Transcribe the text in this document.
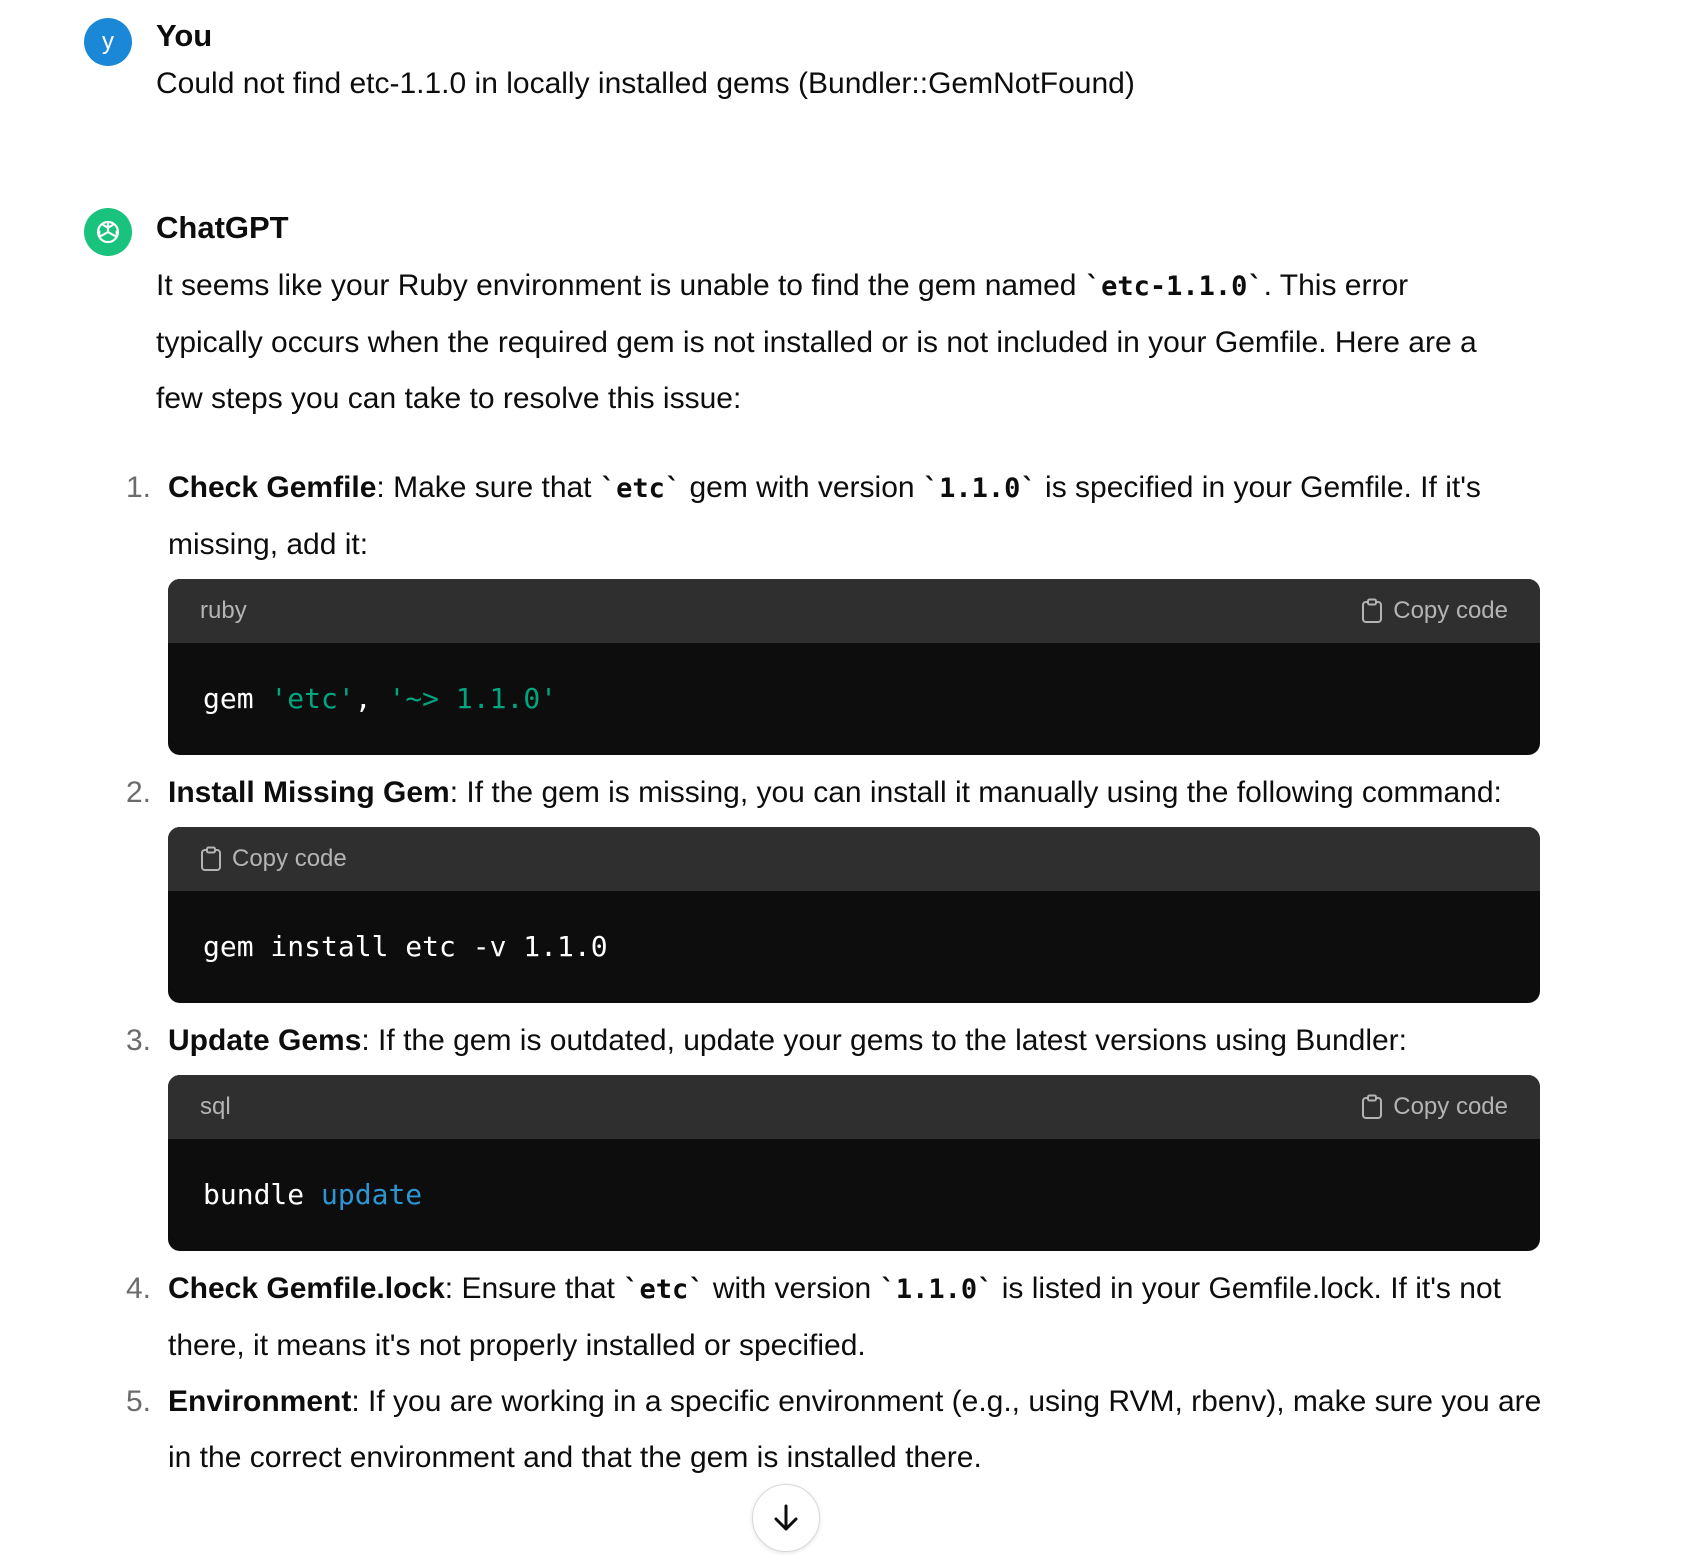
y You
Could not find etc-1.1.0 in locally installed gems (Bundler::GemNotFound)
ChatGPT
It seems like your Ruby environment is unable to find the gem named `etc-1.1.0`. This error typically occurs when the required gem is not installed or is not included in your Gemfile. Here are a few steps you can take to resolve this issue:
1. Check Gemfile: Make sure that `etc` gem with version `1.1.0` is specified in your Gemfile. If it's missing, add it:
ruby	Copy code
gem 'etc' , '~> 1.1.0'
2. Install Missing Gem: If the gem is missing, you can install it manually using the following command:
Copy code
gem install etc -v 1.1.0
3. Update Gems: If the gem is outdated, update your gems to the latest versions using Bundler:
sql	Copy code
bundle update
4. Check Gemfile.lock: Ensure that `etc` with version `1.1.0` is listed in your Gemfile.lock. If it's not there, it means it's not properly installed or specified.
5. Environment: If you are working in a specific environment (e.g., using RVM, rbenv), make sure you are in the correct environment and that the gem is installed there.
